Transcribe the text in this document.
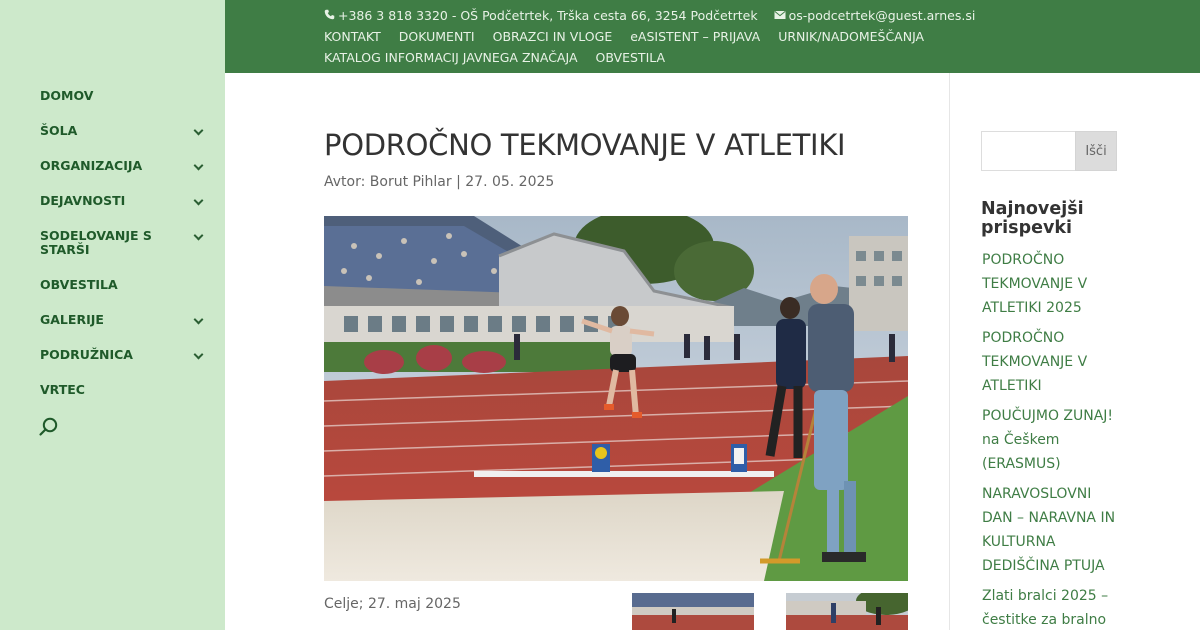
DOMOV
ŠOLA
ORGANIZACIJA
DEJAVNOSTI
SODELOVANJE S STARŠI
OBVESTILA
GALERIJE
PODRUŽNICA
VRTEC
+386 3 818 3320 - OŠ Podčetrtek, Trška cesta 66, 3254 Podčetrtek os-podcetrtek@guest.arnes.si
KONTAKT DOKUMENTI OBRAZCI IN VLOGE eASISTENT – PRIJAVA URNIK/NADOMEŠČANJA
KATALOG INFORMACIJ JAVNEGA ZNAČAJA OBVESTILA
PODROČNO TEKMOVANJE V ATLETIKI
Avtor: Borut Pihlar | 27. 05. 2025

Celje; 27. maj 2025

Išči
Najnovejši prispevki
PODROČNO TEKMOVANJE V ATLETIKI 2025
PODROČNO TEKMOVANJE V ATLETIKI
POUČUJMO ZUNAJ! na Češkem (ERASMUS)
NARAVOSLOVNI DAN – NARAVNA IN KULTURNA DEDIŠČINA PTUJA
Zlati bralci 2025 – čestitke za bralno
